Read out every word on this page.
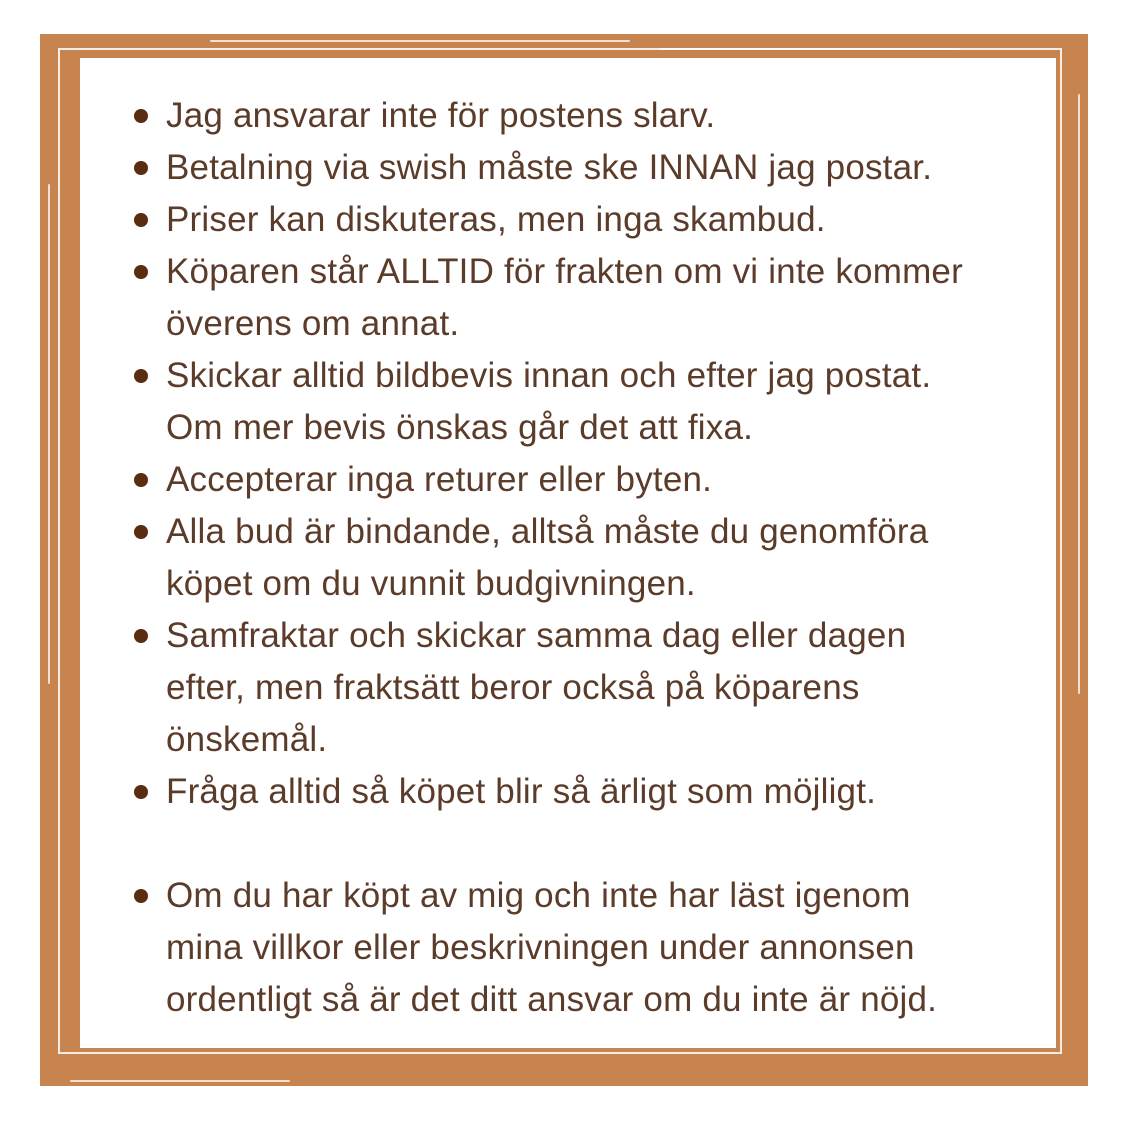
Jag ansvarar inte för postens slarv.
Betalning via swish måste ske INNAN jag postar.
Priser kan diskuteras, men inga skambud.
Köparen står ALLTID för frakten om vi inte kommer
överens om annat.
Skickar alltid bildbevis innan och efter jag postat.
Om mer bevis önskas går det att fixa.
Accepterar inga returer eller byten.
Alla bud är bindande, alltså måste du genomföra
köpet om du vunnit budgivningen.
Samfraktar och skickar samma dag eller dagen
efter, men fraktsätt beror också på köparens
önskemål.
Fråga alltid så köpet blir så ärligt som möjligt.
Om du har köpt av mig och inte har läst igenom
mina villkor eller beskrivningen under annonsen
ordentligt så är det ditt ansvar om du inte är nöjd.
